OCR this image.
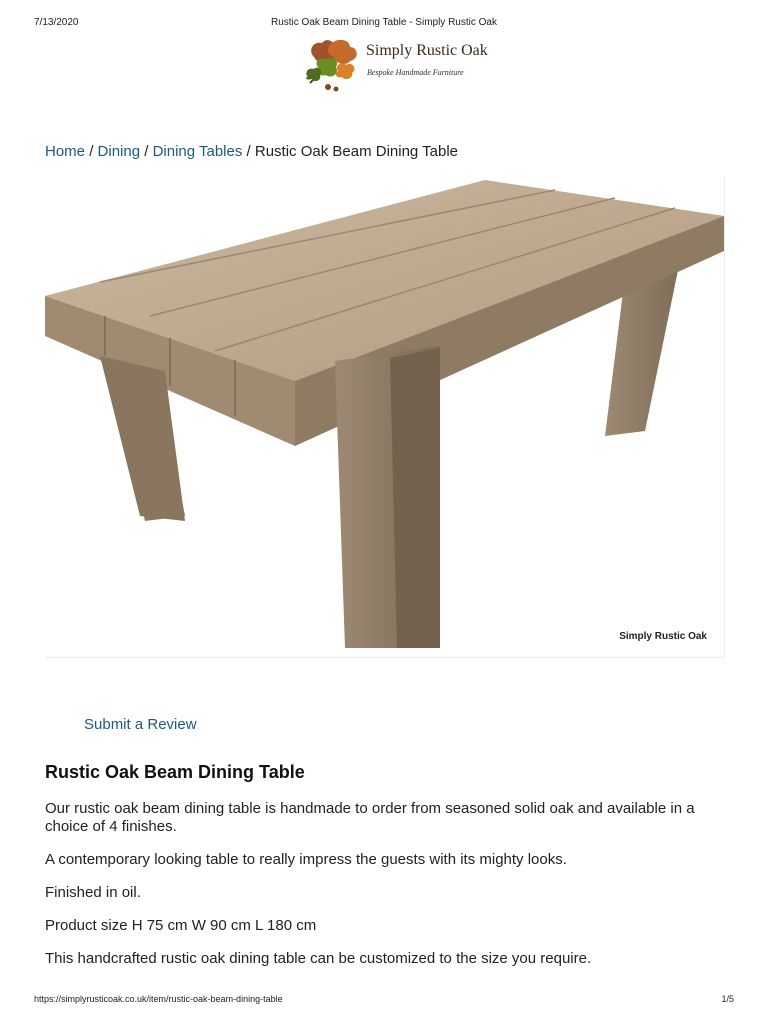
7/13/2020	Rustic Oak Beam Dining Table - Simply Rustic Oak
Simply Rustic Oak
Bespoke Handmade Furniture
Home / Dining / Dining Tables / Rustic Oak Beam Dining Table
Simply Rustic Oak
Submit a Review
Rustic Oak Beam Dining Table

Our rustic oak beam dining table is handmade to order from seasoned solid oak and available in a choice of 4 finishes.

A contemporary looking table to really impress the guests with its mighty looks.

Finished in oil.

Product size H 75 cm W 90 cm L 180 cm

This handcrafted rustic oak dining table can be customized to the size you require.

https://simplyrusticoak.co.uk/item/rustic-oak-beam-dining-table	1/5
